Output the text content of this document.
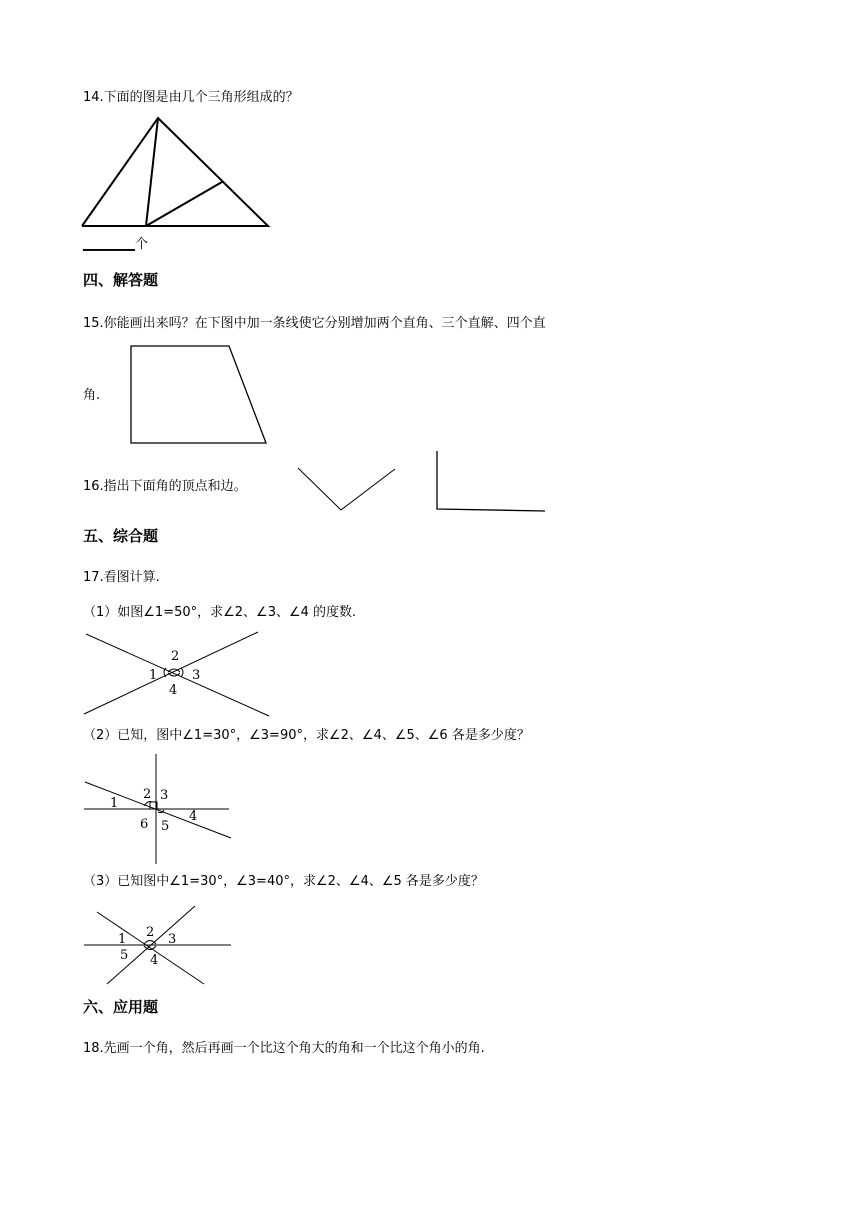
14.下面的图是由几个三角形组成的？
________个
四、解答题
15.你能画出来吗？在下图中加一条线使它分别增加两个直角、三个直解、四个直
角.
16.指出下面角的顶点和边。
五、综合题
17.看图计算.
（1）如图∠1=50°，求∠2、∠3、∠4 的度数.
2
1	3
4
（2）已知，图中∠1=30°，∠3=90°，求∠2、∠4、∠5、∠6 各是多少度？
2 3
1
4
6 5
（3）已知图中∠1=30°，∠3=40°，求∠2、∠4、∠5 各是多少度？
1 2 3
5 4
六、应用题
18.先画一个角，然后再画一个比这个角大的角和一个比这个角小的角.
